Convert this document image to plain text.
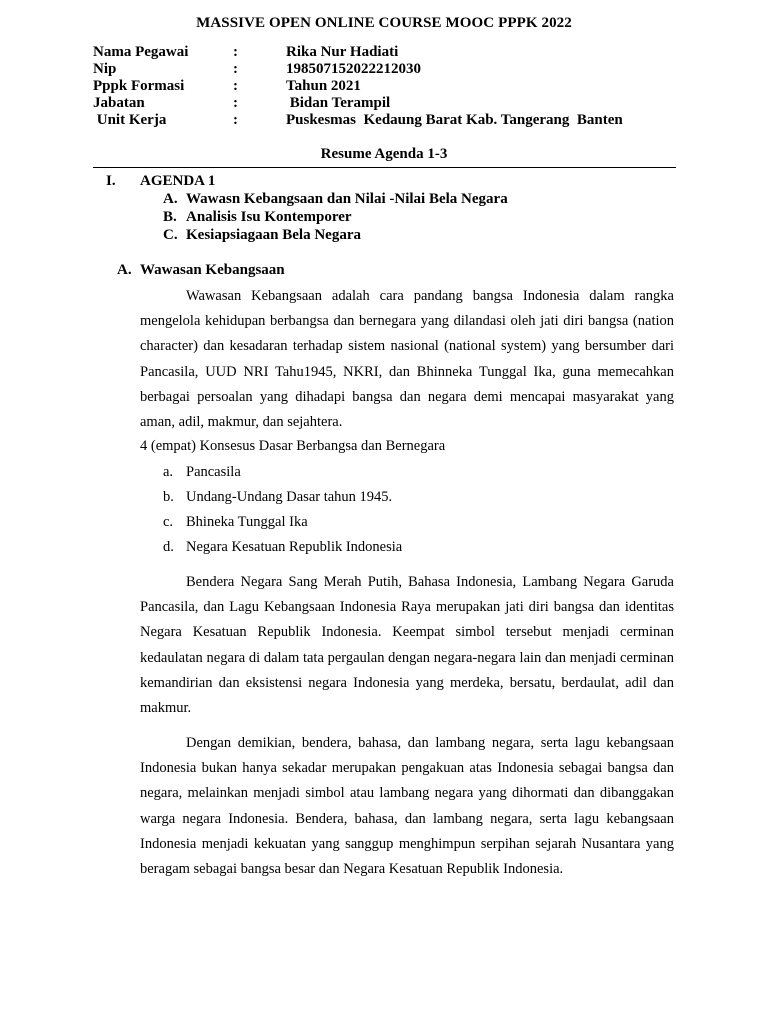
MASSIVE OPEN ONLINE COURSE MOOC PPPK 2022
Nama Pegawai	:	Rika Nur Hadiati
Nip	:	198507152022212030
Pppk Formasi	:	Tahun 2021
Jabatan	:	Bidan Terampil
Unit Kerja	:	Puskesmas  Kedaung Barat Kab. Tangerang  Banten
Resume Agenda 1-3
I. AGENDA 1
A. Wawasn Kebangsaan dan Nilai -Nilai Bela Negara
B. Analisis Isu Kontemporer
C. Kesiapsiagaan Bela Negara
A. Wawasan Kebangsaan

Wawasan Kebangsaan adalah cara pandang bangsa Indonesia dalam rangka mengelola kehidupan berbangsa dan bernegara yang dilandasi oleh jati diri bangsa (nation character) dan kesadaran terhadap sistem nasional (national system) yang bersumber dari Pancasila, UUD NRI Tahu1945, NKRI, dan Bhinneka Tunggal Ika, guna memecahkan berbagai persoalan yang dihadapi bangsa dan negara demi mencapai masyarakat yang aman, adil, makmur, dan sejahtera.

4 (empat) Konsesus Dasar Berbangsa dan Bernegara
a. Pancasila
b. Undang-Undang Dasar tahun 1945.
c. Bhineka Tunggal Ika
d. Negara Kesatuan Republik Indonesia

Bendera Negara Sang Merah Putih, Bahasa Indonesia, Lambang Negara Garuda Pancasila, dan Lagu Kebangsaan Indonesia Raya merupakan jati diri bangsa dan identitas Negara Kesatuan Republik Indonesia. Keempat simbol tersebut menjadi cerminan kedaulatan negara di dalam tata pergaulan dengan negara-negara lain dan menjadi cerminan kemandirian dan eksistensi negara Indonesia yang merdeka, bersatu, berdaulat, adil dan makmur.

Dengan demikian, bendera, bahasa, dan lambang negara, serta lagu kebangsaan Indonesia bukan hanya sekadar merupakan pengakuan atas Indonesia sebagai bangsa dan negara, melainkan menjadi simbol atau lambang negara yang dihormati dan dibanggakan warga negara Indonesia. Bendera, bahasa, dan lambang negara, serta lagu kebangsaan Indonesia menjadi kekuatan yang sanggup menghimpun serpihan sejarah Nusantara yang beragam sebagai bangsa besar dan Negara Kesatuan Republik Indonesia.
